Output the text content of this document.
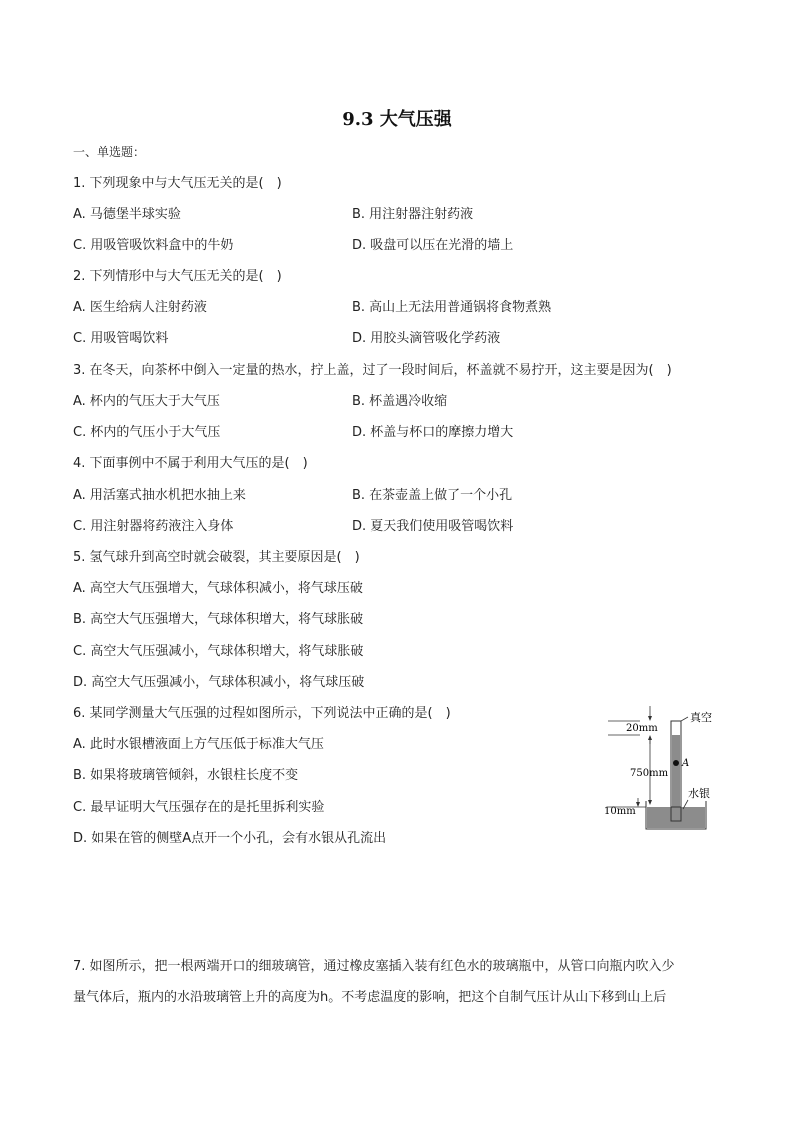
9.3 大气压强
一、单选题：
1. 下列现象中与大气压无关的是(　)
A. 马德堡半球实验	B. 用注射器注射药液
C. 用吸管吸饮料盒中的牛奶	D. 吸盘可以压在光滑的墙上
2. 下列情形中与大气压无关的是(　)
A. 医生给病人注射药液	B. 高山上无法用普通锅将食物煮熟
C. 用吸管喝饮料	D. 用胶头滴管吸化学药液
3. 在冬天，向茶杯中倒入一定量的热水，拧上盖，过了一段时间后，杯盖就不易拧开，这主要是因为(　)
A. 杯内的气压大于大气压	B. 杯盖遇冷收缩
C. 杯内的气压小于大气压	D. 杯盖与杯口的摩擦力增大
4. 下面事例中不属于利用大气压的是(　)
A. 用活塞式抽水机把水抽上来	B. 在茶壶盖上做了一个小孔
C. 用注射器将药液注入身体	D. 夏天我们使用吸管喝饮料
5. 氢气球升到高空时就会破裂，其主要原因是(　)
A. 高空大气压强增大，气球体积减小，将气球压破
B. 高空大气压强增大，气球体积增大，将气球胀破
C. 高空大气压强减小，气球体积增大，将气球胀破
D. 高空大气压强减小，气球体积减小，将气球压破
6. 某同学测量大气压强的过程如图所示，下列说法中正确的是(　)
A. 此时水银槽液面上方气压低于标准大气压
B. 如果将玻璃管倾斜，水银柱长度不变
C. 最早证明大气压强存在的是托里拆利实验
D. 如果在管的侧壁A点开一个小孔，会有水银从孔流出
20mm
真空
A
750mm
水银
10mm
7. 如图所示，把一根两端开口的细玻璃管，通过橡皮塞插入装有红色水的玻璃瓶中，从管口向瓶内吹入少
量气体后，瓶内的水沿玻璃管上升的高度为h。不考虑温度的影响，把这个自制气压计从山下移到山上后
